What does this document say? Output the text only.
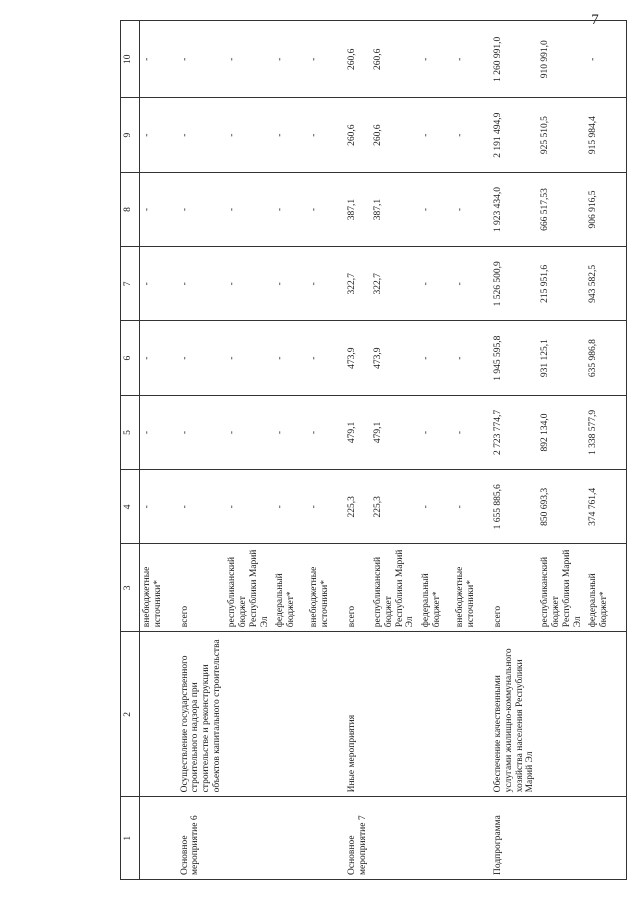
7
1	2	3	4	5	6	7	8	9	10
		внебюджетные источники*	-	-	-	-	-	-	-
Основное мероприятие 6	Осуществление государственного строительного надзора при строительстве и реконструкции объектов капитального строительства	всего	-	-	-	-	-	-	-
		республиканский бюджет Республики Марий Эл	-	-	-	-	-	-	-
		федеральный бюджет*	-	-	-	-	-	-	-
		внебюджетные источники*	-	-	-	-	-	-	-
Основное мероприятие 7	Иные мероприятия	всего	225,3	479,1	473,9	322,7	387,1	260,6	260,6
		республиканский бюджет Республики Марий Эл	225,3	479,1	473,9	322,7	387,1	260,6	260,6
		федеральный бюджет*	-	-	-	-	-	-	-
		внебюджетные источники*	-	-	-	-	-	-	-
Подпрограмма	Обеспечение качественными услугами жилищно-коммунального хозяйства населения Республики Марий Эл	всего	1 655 885,6	2 723 774,7	1 945 595,8	1 526 500,9	1 923 434,0	2 191 494,9	1 260 991,0
		республиканский бюджет Республики Марий Эл	850 693,3	892 134,0	931 125,1	215 951,6	666 517,53	925 510,5	910 991,0
		федеральный бюджет*	374 761,4	1 338 577,9	635 986,8	943 582,5	906 916,5	915 984,4	-
